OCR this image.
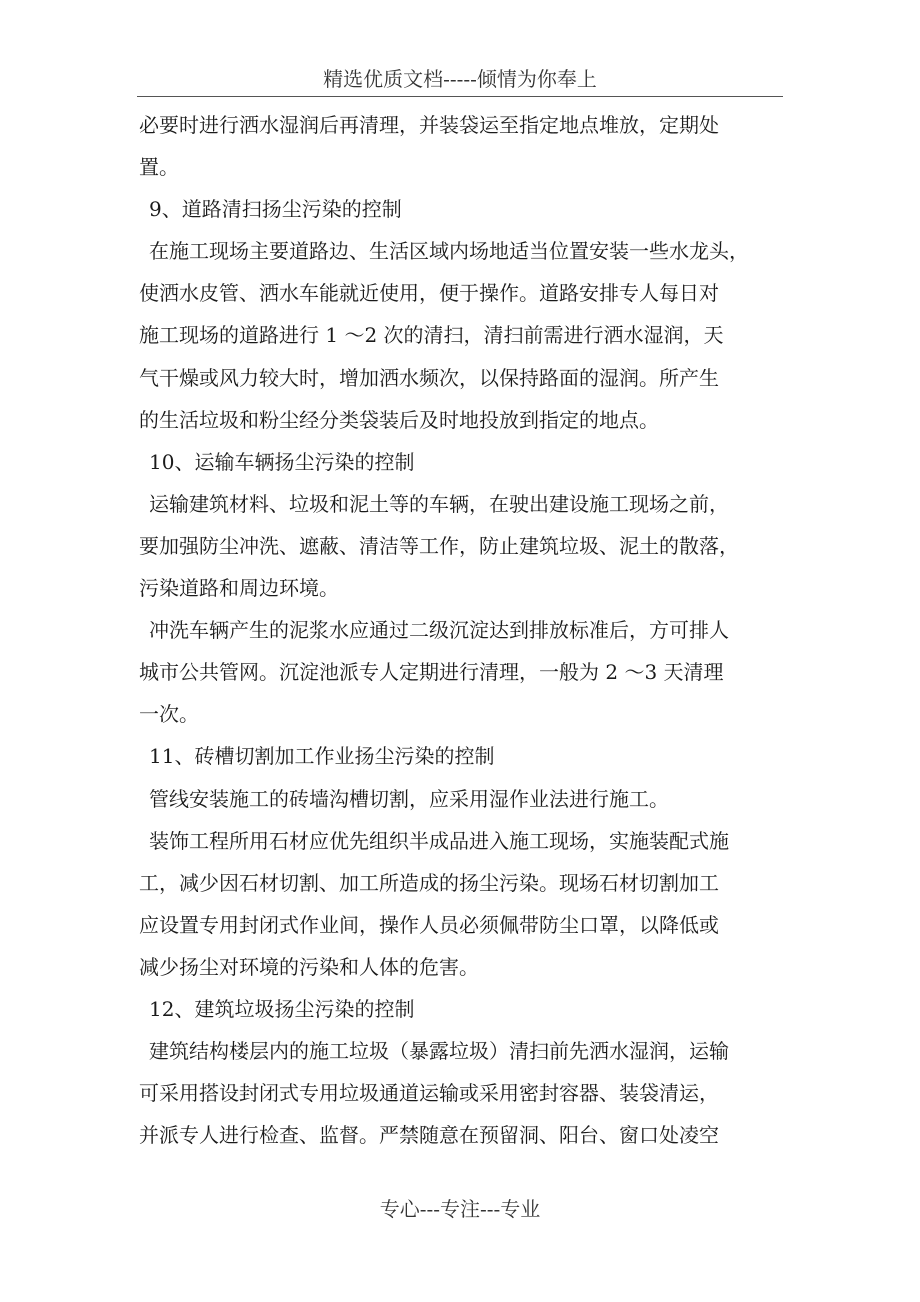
精选优质文档-----倾情为你奉上
必要时进行洒水湿润后再清理，并装袋运至指定地点堆放，定期处
置。
9、道路清扫扬尘污染的控制
在施工现场主要道路边、生活区域内场地适当位置安装一些水龙头，
使洒水皮管、洒水车能就近使用，便于操作。道路安排专人每日对
施工现场的道路进行 1 ～2 次的清扫，清扫前需进行洒水湿润，天
气干燥或风力较大时，增加洒水频次，以保持路面的湿润。所产生
的生活垃圾和粉尘经分类袋装后及时地投放到指定的地点。
10、运输车辆扬尘污染的控制
运输建筑材料、垃圾和泥土等的车辆，在驶出建设施工现场之前，
要加强防尘冲洗、遮蔽、清洁等工作，防止建筑垃圾、泥土的散落，
污染道路和周边环境。
冲洗车辆产生的泥浆水应通过二级沉淀达到排放标准后，方可排人
城市公共管网。沉淀池派专人定期进行清理，一般为 2 ～3 天清理
一次。
11、砖槽切割加工作业扬尘污染的控制
管线安装施工的砖墙沟槽切割，应采用湿作业法进行施工。
装饰工程所用石材应优先组织半成品进入施工现场，实施装配式施
工，减少因石材切割、加工所造成的扬尘污染。现场石材切割加工
应设置专用封闭式作业间，操作人员必须佩带防尘口罩，以降低或
减少扬尘对环境的污染和人体的危害。
12、建筑垃圾扬尘污染的控制
建筑结构楼层内的施工垃圾（暴露垃圾）清扫前先洒水湿润，运输
可采用搭设封闭式专用垃圾通道运输或采用密封容器、装袋清运，
并派专人进行检查、监督。严禁随意在预留洞、阳台、窗口处凌空
专心---专注---专业
